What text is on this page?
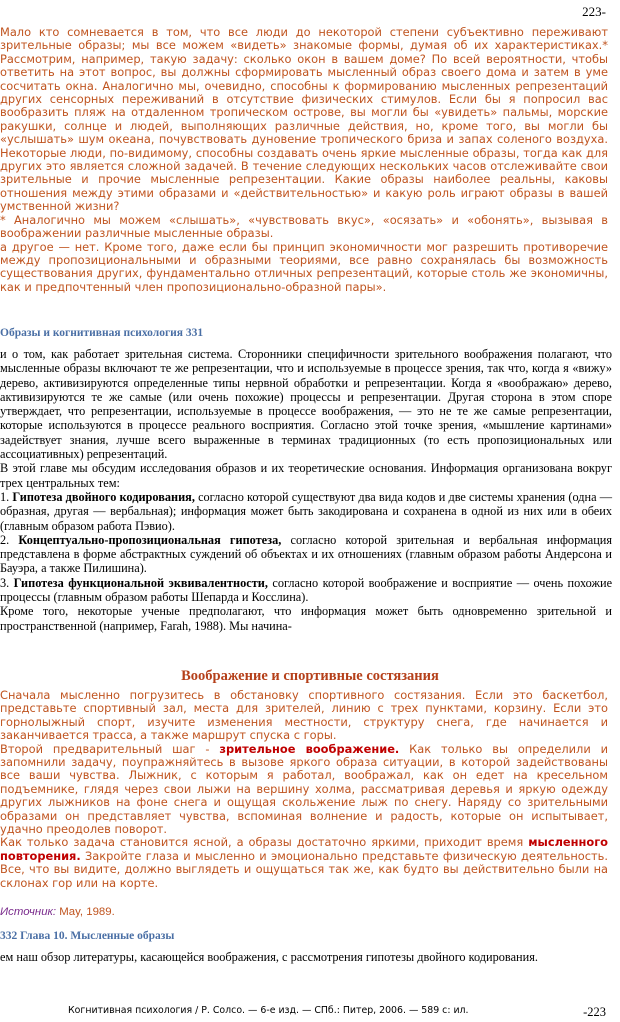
223-

Мало кто сомневается в том, что все люди до некоторой степени субъективно переживают зрительные образы; мы все можем «видеть» знакомые формы, думая об их характеристиках.* Рассмотрим, например, такую задачу: сколько окон в вашем доме? По всей вероятности, чтобы ответить на этот вопрос, вы должны сформировать мысленный образ своего дома и затем в уме сосчитать окна. Аналогично мы, очевидно, способны к формированию мысленных репрезентаций других сенсорных переживаний в отсутствие физических стимулов. Если бы я попросил вас вообразить пляж на отдаленном тропическом острове, вы могли бы «увидеть» пальмы, морские ракушки, солнце и людей, выполняющих различные действия, но, кроме того, вы могли бы «услышать» шум океана, почувствовать дуновение тропического бриза и запах соленого воздуха. Некоторые люди, по-видимому, способны создавать очень яркие мысленные образы, тогда как для других это является сложной задачей. В течение следующих нескольких часов отслеживайте свои зрительные и прочие мысленные репрезентации. Какие образы наиболее реальны, каковы отношения между этими образами и «действительностью» и какую роль играют образы в вашей умственной жизни?

* Аналогично мы можем «слышать», «чувствовать вкус», «осязать» и «обонять», вызывая в воображении различные мысленные образы.

а другое — нет. Кроме того, даже если бы принцип экономичности мог разрешить противоречие между пропозициональными и образными теориями, все равно сохранялась бы возможность существования других, фундаментально отличных репрезентаций, которые столь же экономичны, как и предпочтенный член пропозиционально-образной пары».

Образы и когнитивная психология 331

и о том, как работает зрительная система. Сторонники специфичности зрительного воображения полагают, что мысленные образы включают те же репрезентации, что и используемые в процессе зрения, так что, когда я «вижу» дерево, активизируются определенные типы нервной обработки и репрезентации. Когда я «воображаю» дерево, активизируются те же самые (или очень похожие) процессы и репрезентации. Другая сторона в этом споре утверждает, что репрезентации, используемые в процессе воображения, — это не те же самые репрезентации, которые используются в процессе реального восприятия. Согласно этой точке зрения, «мышление картинами» задействует знания, лучше всего выраженные в терминах традиционных (то есть пропозициональных или ассоциативных) репрезентаций.

В этой главе мы обсудим исследования образов и их теоретические основания. Информация организована вокруг трех центральных тем:

1. Гипотеза двойного кодирования, согласно которой существуют два вида кодов и две системы хранения (одна — образная, другая — вербальная); информация может быть закодирована и сохранена в одной из них или в обеих (главным образом работа Пэвио).

2. Концептуально-пропозициональная гипотеза, согласно которой зрительная и вербальная информация представлена в форме абстрактных суждений об объектах и их отношениях (главным образом работы Андерсона и Бауэра, а также Пилишина).

3. Гипотеза функциональной эквивалентности, согласно которой воображение и восприятие — очень похожие процессы (главным образом работы Шепарда и Косслина).

Кроме того, некоторые ученые предполагают, что информация может быть одновременно зрительной и пространственной (например, Farah, 1988). Мы начина-

Воображение и спортивные состязания

Сначала мысленно погрузитесь в обстановку спортивного состязания. Если это баскетбол, представьте спортивный зал, места для зрителей, линию с трех пунктами, корзину. Если это горнолыжный спорт, изучите изменения местности, структуру снега, где начинается и заканчивается трасса, а также маршрут спуска с горы.

Второй предварительный шаг - зрительное воображение. Как только вы определили и запомнили задачу, поупражняйтесь в вызове яркого образа ситуации, в которой задействованы все ваши чувства. Лыжник, с которым я работал, воображал, как он едет на кресельном подъемнике, глядя через свои лыжи на вершину холма, рассматривая деревья и яркую одежду других лыжников на фоне снега и ощущая скольжение лыж по снегу. Наряду со зрительными образами он представляет чувства, вспоминая волнение и радость, которые он испытывает, удачно преодолев поворот.

Как только задача становится ясной, а образы достаточно яркими, приходит время мысленного повторения. Закройте глаза и мысленно и эмоционально представьте физическую деятельность. Все, что вы видите, должно выглядеть и ощущаться так же, как будто вы действительно были на склонах гор или на корте.

Источник: May, 1989.
332 Глава 10. Мысленные образы
ем наш обзор литературы, касающейся воображения, с рассмотрения гипотезы двойного кодирования.
Когнитивная психология / Р. Солсо. — 6-е изд. — СПб.: Питер, 2006. — 589 с: ил.	-223
